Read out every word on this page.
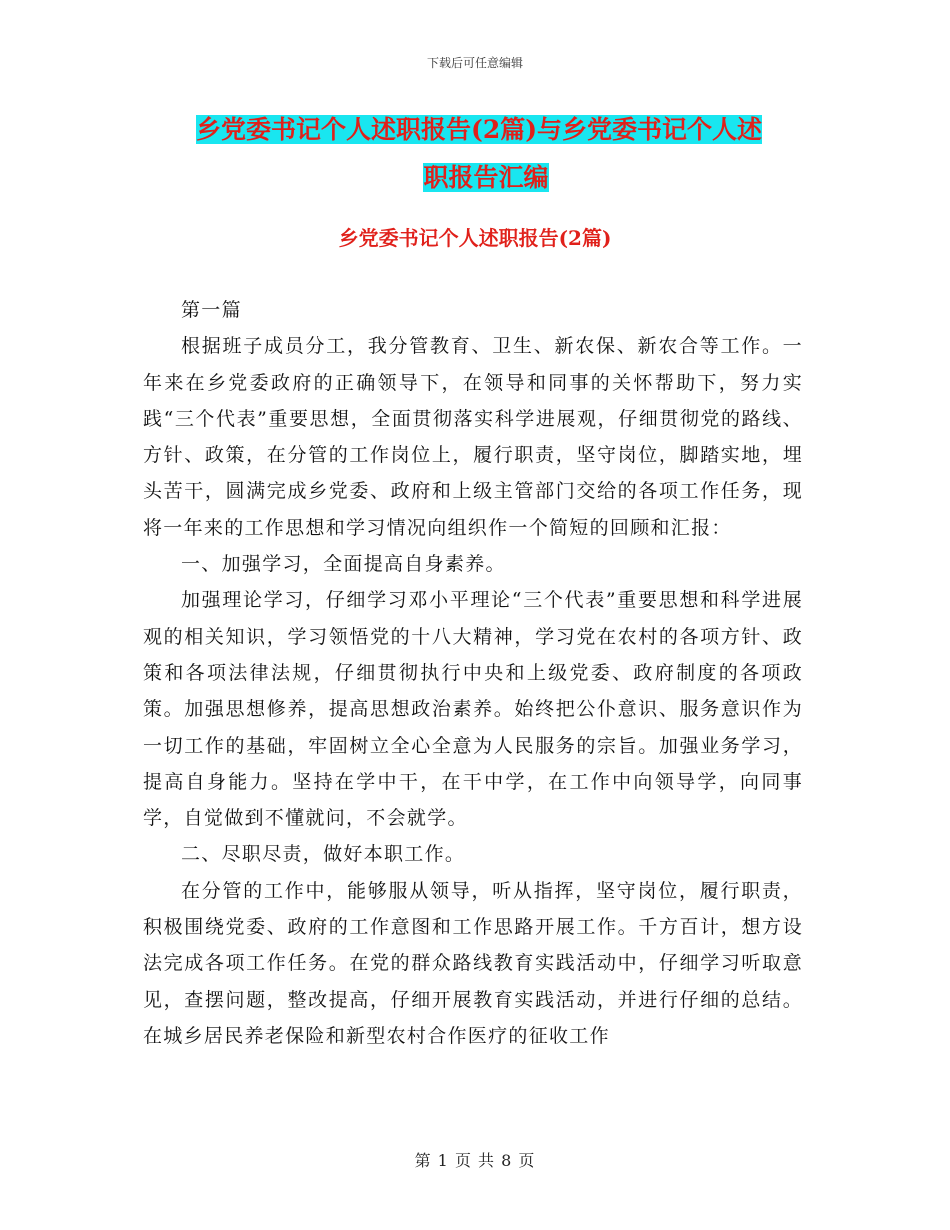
下载后可任意编辑
乡党委书记个人述职报告(2篇)与乡党委书记个人述
职报告汇编
乡党委书记个人述职报告(2篇)

第一篇

根据班子成员分工，我分管教育、卫生、新农保、新农合等工作。一年来在乡党委政府的正确领导下，在领导和同事的关怀帮助下，努力实践“三个代表”重要思想，全面贯彻落实科学进展观，仔细贯彻党的路线、方针、政策，在分管的工作岗位上，履行职责，坚守岗位，脚踏实地，埋头苦干，圆满完成乡党委、政府和上级主管部门交给的各项工作任务，现将一年来的工作思想和学习情况向组织作一个简短的回顾和汇报：

一、加强学习，全面提高自身素养。

加强理论学习，仔细学习邓小平理论“三个代表”重要思想和科学进展观的相关知识，学习领悟党的十八大精神，学习党在农村的各项方针、政策和各项法律法规，仔细贯彻执行中央和上级党委、政府制度的各项政策。加强思想修养，提高思想政治素养。始终把公仆意识、服务意识作为一切工作的基础，牢固树立全心全意为人民服务的宗旨。加强业务学习，提高自身能力。坚持在学中干，在干中学，在工作中向领导学，向同事学，自觉做到不懂就问，不会就学。

二、尽职尽责，做好本职工作。

在分管的工作中，能够服从领导，听从指挥，坚守岗位，履行职责，积极围绕党委、政府的工作意图和工作思路开展工作。千方百计，想方设法完成各项工作任务。在党的群众路线教育实践活动中，仔细学习听取意见，查摆问题，整改提高，仔细开展教育实践活动，并进行仔细的总结。在城乡居民养老保险和新型农村合作医疗的征收工作

第 1 页 共 8 页
